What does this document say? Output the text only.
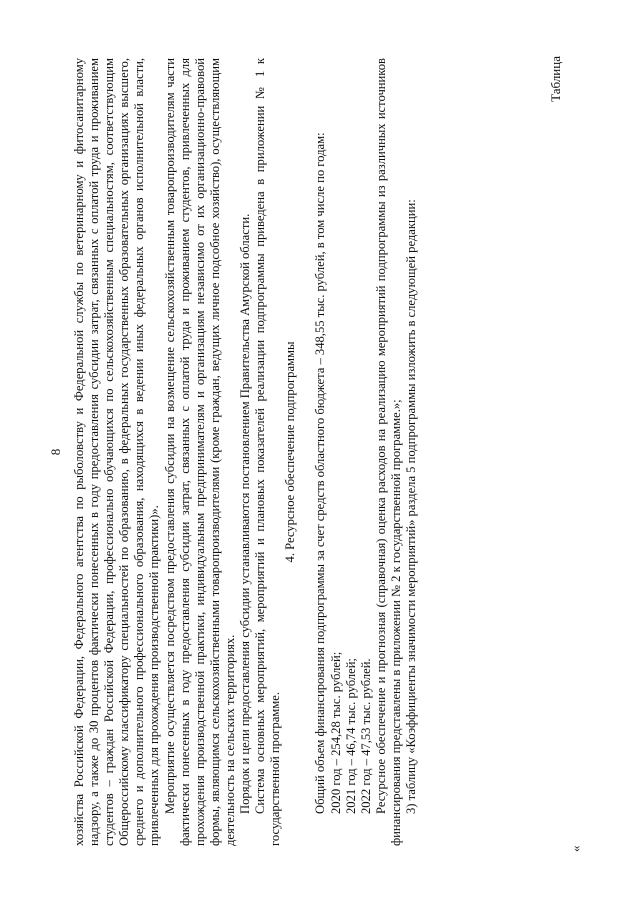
8 хозяйства Российской Федерации, Федерального агентства по рыболовству и Федеральной службы по ветеринарному и фитосанитарному надзору, а также до 30 процентов фактически понесенных в году предоставления субсидии затрат, связанных с оплатой труда и проживанием студентов – граждан Российской Федерации, профессионально обучающихся по сельскохозяйственным специальностям, соответствующим Общероссийскому классификатору специальностей по образованию, в федеральных государственных образовательных организациях высшего, среднего и дополнительного профессионального образования, находящихся в ведении иных федеральных органов исполнительной власти, привлеченных для прохождения производственной практики)». Мероприятие осуществляется посредством предоставления субсидии на возмещение сельскохозяйственным товаропроизводителям части фактически понесенных в году предоставления субсидии затрат, связанных с оплатой труда и проживанием студентов, привлеченных для прохождения производственной практики, индивидуальным предпринимателям и организациям независимо от их организационно-правовой формы, являющимся сельскохозяйственными товаропроизводителями (кроме граждан, ведущих личное подсобное хозяйство), осуществляющим деятельность на сельских территориях. Порядок и цели предоставления субсидии устанавливаются постановлением Правительства Амурской области. Система основных мероприятий, мероприятий и плановых показателей реализации подпрограммы приведена в приложении № 1 к государственной программе.

4. Ресурсное обеспечение подпрограммы Общий объем финансирования подпрограммы за счет средств областного бюджета – 348,55 тыс. рублей, в том числе по годам: 2020 год – 254,28 тыс. рублей; 2021 год – 46,74 тыс. рублей; 2022 год – 47,53 тыс. рублей. Ресурсное обеспечение и прогнозная (справочная) оценка расходов на реализацию мероприятий подпрограммы из различных источников финансирования представлены в приложении № 2 к государственной программе.»; 3) таблицу «Коэффициенты значимости мероприятий» раздела 5 подпрограммы изложить в следующей редакции:

Таблица
«
